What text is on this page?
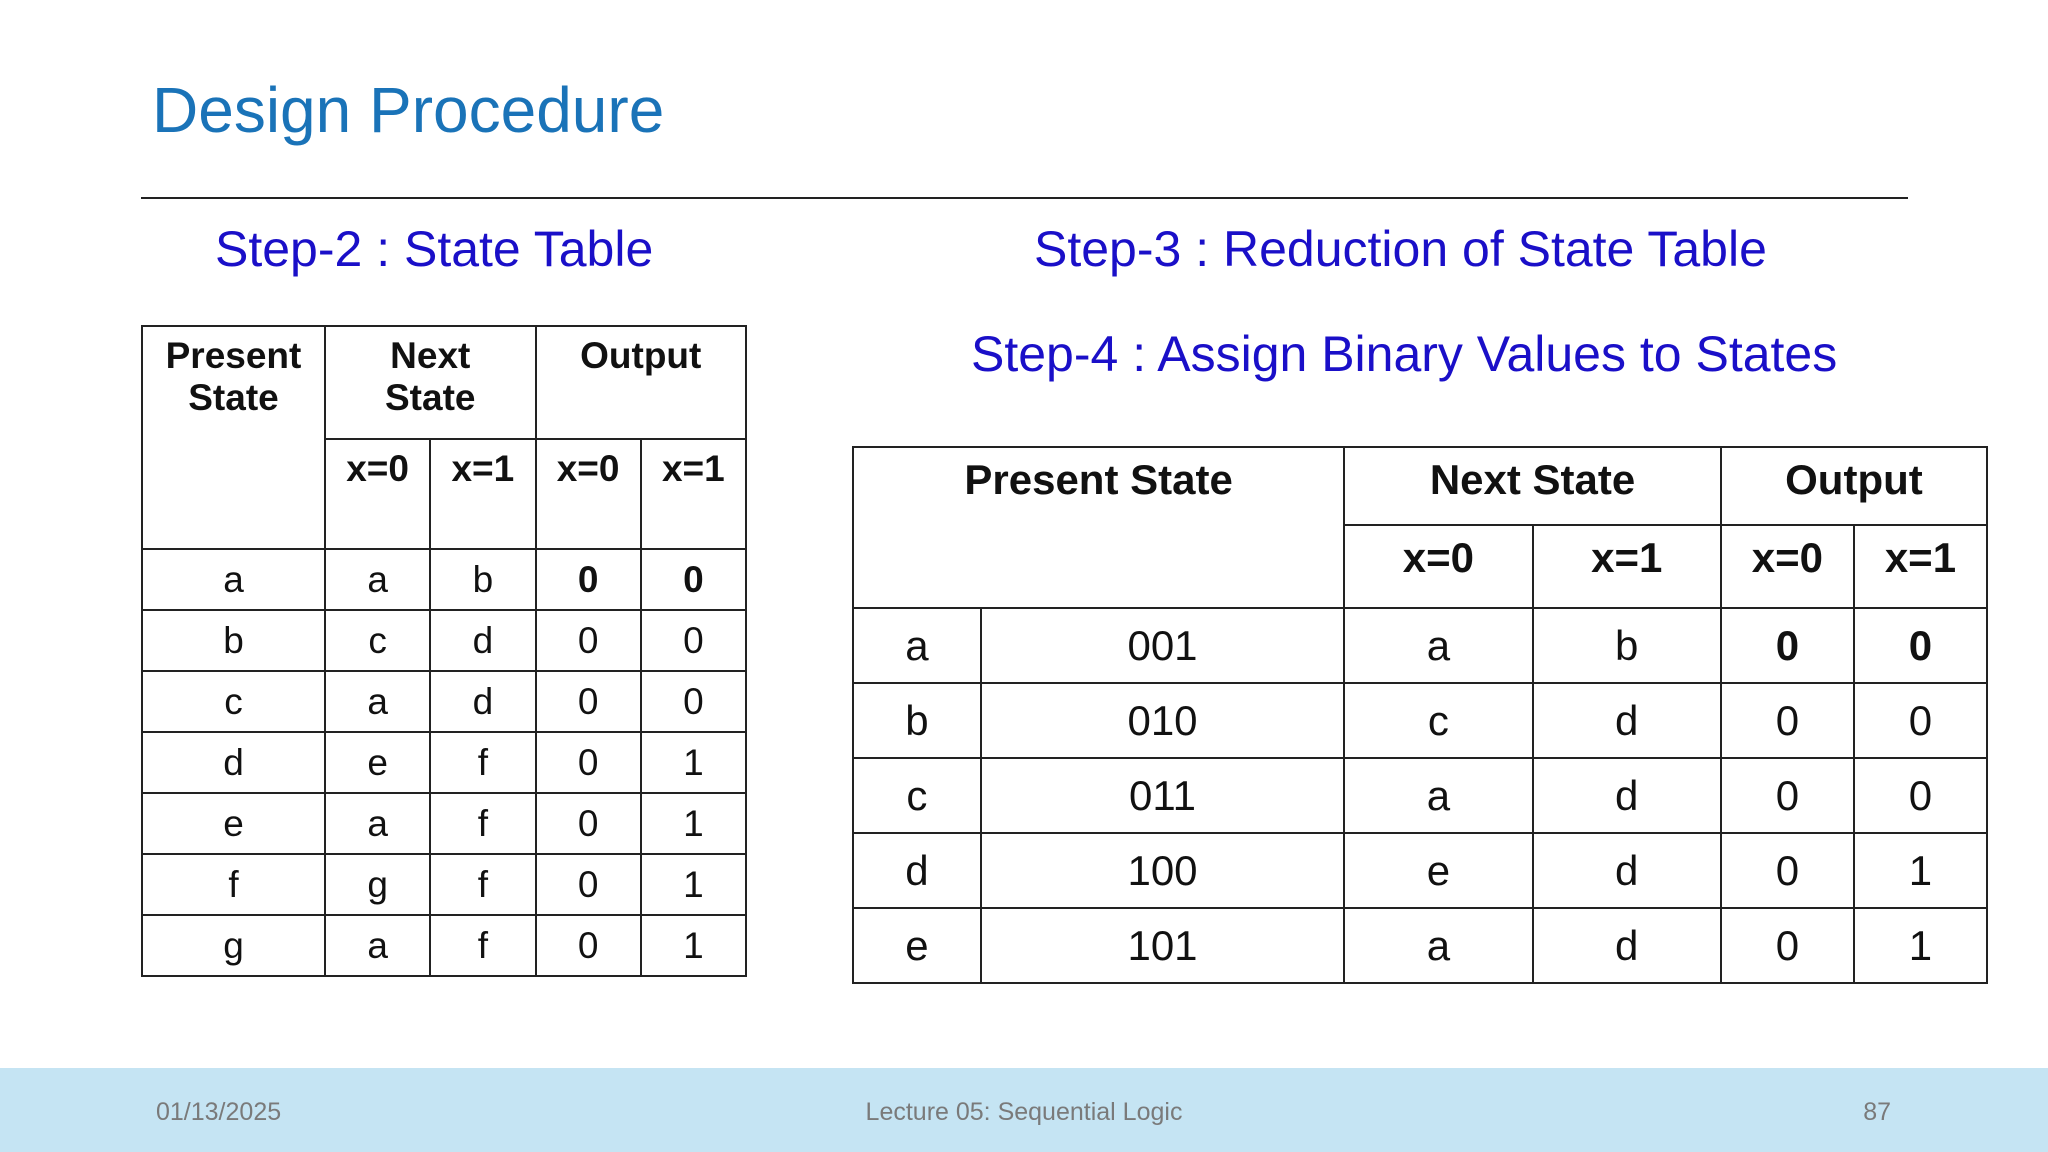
Design Procedure
Step-2 : State Table	Step-3 : Reduction of State Table
Step-4 : Assign Binary Values to States
Present State	Next State		Output	
	x=0	x=1	x=0	x=1
a	a	b	0	0
b	c	d	0	0
c	a	d	0	0
d	e	f	0	1
e	a	f	0	1
f	g	f	0	1
g	a	f	0	1
Present State		Next State		Output	
		x=0	x=1	x=0	x=1
a	001	a	b	0	0
b	010	c	d	0	0
c	011	a	d	0	0
d	100	e	d	0	1
e	101	a	d	0	1
01/13/2025	Lecture 05: Sequential Logic	87
